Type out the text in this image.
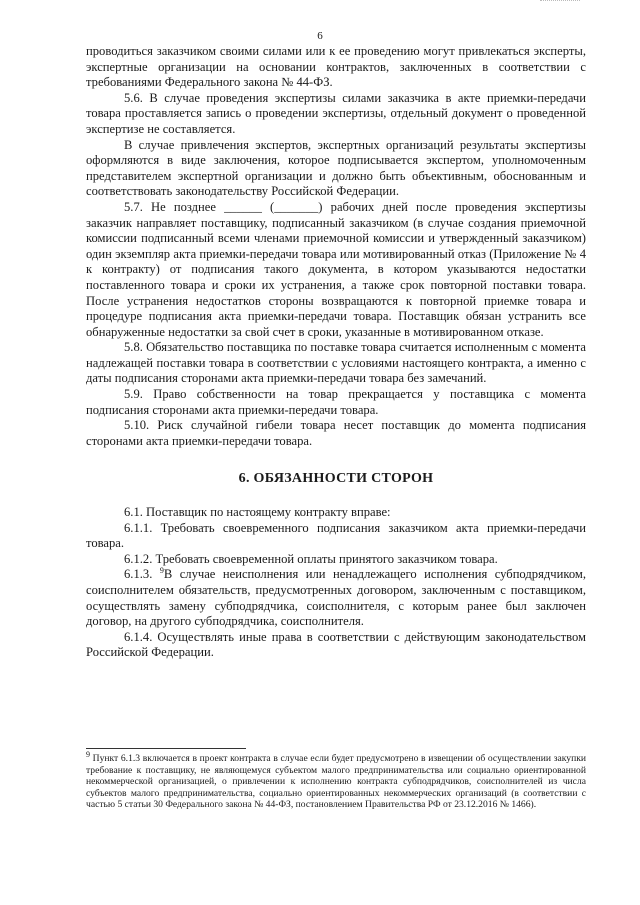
6

проводиться заказчиком своими силами или к ее проведению могут привлекаться эксперты, экспертные организации на основании контрактов, заключенных в соответствии с требованиями Федерального закона № 44-ФЗ.

5.6. В случае проведения экспертизы силами заказчика в акте приемки-передачи товара проставляется запись о проведении экспертизы, отдельный документ о проведенной экспертизе не составляется.

В случае привлечения экспертов, экспертных организаций результаты экспертизы оформляются в виде заключения, которое подписывается экспертом, уполномоченным представителем экспертной организации и должно быть объективным, обоснованным и соответствовать законодательству Российской Федерации.

5.7. Не позднее ______ (_______) рабочих дней после проведения экспертизы заказчик направляет поставщику, подписанный заказчиком (в случае создания приемочной комиссии подписанный всеми членами приемочной комиссии и утвержденный заказчиком) один экземпляр акта приемки-передачи товара или мотивированный отказ (Приложение № 4 к контракту) от подписания такого документа, в котором указываются недостатки поставленного товара и сроки их устранения, а также срок повторной поставки товара. После устранения недостатков стороны возвращаются к повторной приемке товара и процедуре подписания акта приемки-передачи товара. Поставщик обязан устранить все обнаруженные недостатки за свой счет в сроки, указанные в мотивированном отказе.

5.8. Обязательство поставщика по поставке товара считается исполненным с момента надлежащей поставки товара в соответствии с условиями настоящего контракта, а именно с даты подписания сторонами акта приемки-передачи товара без замечаний.

5.9. Право собственности на товар прекращается у поставщика с момента подписания сторонами акта приемки-передачи товара.

5.10. Риск случайной гибели товара несет поставщик до момента подписания сторонами акта приемки-передачи товара.

6. ОБЯЗАННОСТИ СТОРОН

6.1. Поставщик по настоящему контракту вправе:

6.1.1. Требовать своевременного подписания заказчиком акта приемки-передачи товара.

6.1.2. Требовать своевременной оплаты принятого заказчиком товара.

6.1.3. $^9$В случае неисполнения или ненадлежащего исполнения субподрядчиком, соисполнителем обязательств, предусмотренных договором, заключенным с поставщиком, осуществлять замену субподрядчика, соисполнителя, с которым ранее был заключен договор, на другого субподрядчика, соисполнителя.

6.1.4. Осуществлять иные права в соответствии с действующим законодательством Российской Федерации.

$^9$ Пункт 6.1.3 включается в проект контракта в случае если будет предусмотрено в извещении об осуществлении закупки требование к поставщику, не являющемуся субъектом малого предпринимательства или социально ориентированной некоммерческой организацией, о привлечении к исполнению контракта субподрядчиков, соисполнителей из числа субъектов малого предпринимательства, социально ориентированных некоммерческих организаций (в соответствии с частью 5 статьи 30 Федерального закона № 44-ФЗ, постановлением Правительства РФ от 23.12.2016 № 1466).
